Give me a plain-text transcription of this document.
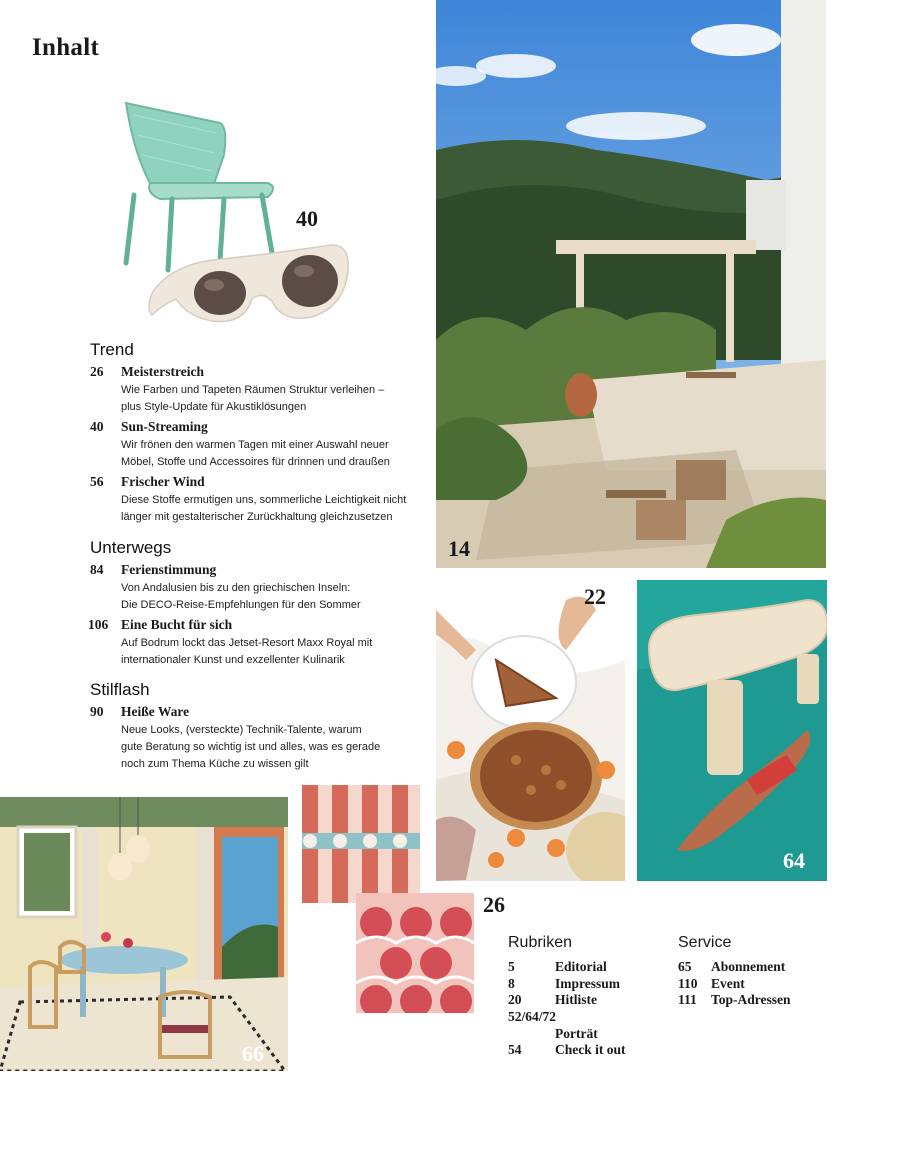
Inhalt
40
Trend
26 Meisterstreich
Wie Farben und Tapeten Räumen Struktur verleihen –
plus Style-Update für Akustiklösungen
40 Sun-Streaming
Wir frönen den warmen Tagen mit einer Auswahl neuer
Möbel, Stoffe und Accessoires für drinnen und draußen
56 Frischer Wind
Diese Stoffe ermutigen uns, sommerliche Leichtigkeit nicht
länger mit gestalterischer Zurückhaltung gleichzusetzen
Unterwegs
84 Ferienstimmung
Von Andalusien bis zu den griechischen Inseln:
Die DECO-Reise-Empfehlungen für den Sommer
106 Eine Bucht für sich
Auf Bodrum lockt das Jetset-Resort Maxx Royal mit
internationaler Kunst und exzellenter Kulinarik
Stilflash
90 Heiße Ware
Neue Looks, (versteckte) Technik-Talente, warum
gute Beratung so wichtig ist und alles, was es gerade
noch zum Thema Küche zu wissen gilt
14
22
64
66
26
Rubriken
5	Editorial
8	Impressum
20 Hitliste
52/64/72
Porträt
54 Check it out
Service
65 Abonnement
110 Event
111 Top-Adressen
